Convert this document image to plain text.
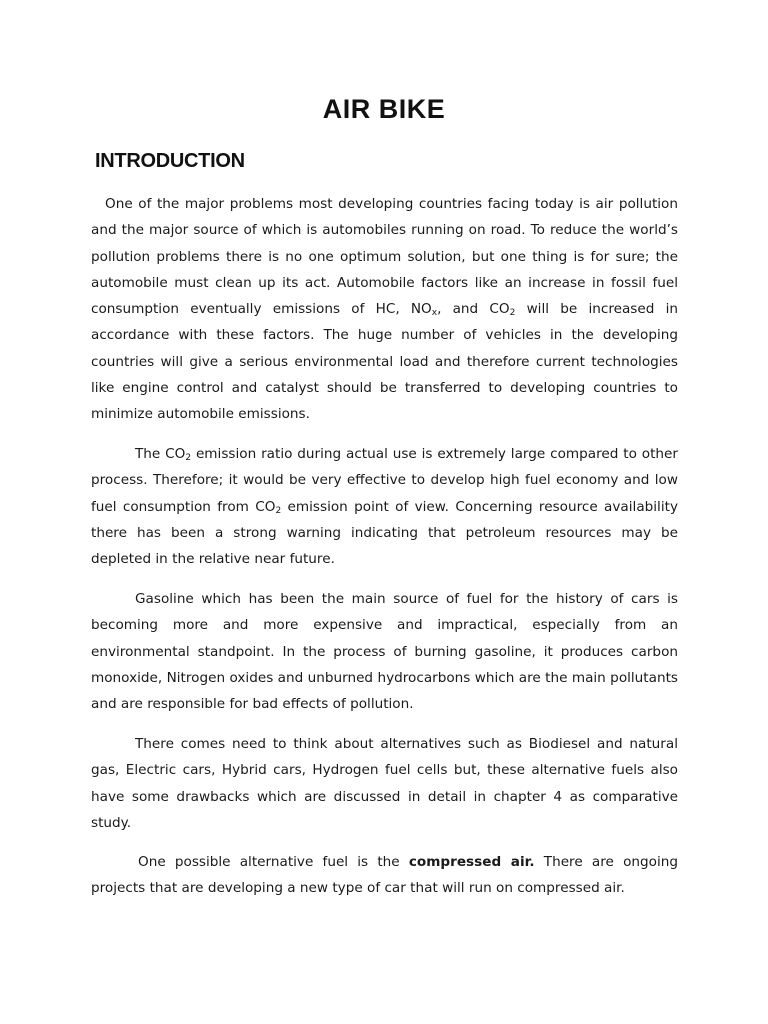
AIR BIKE
INTRODUCTION

One of the major problems most developing countries facing today is air pollution and the major source of which is automobiles running on road. To reduce the world’s pollution problems there is no one optimum solution, but one thing is for sure; the automobile must clean up its act. Automobile factors like an increase in fossil fuel consumption eventually emissions of HC, $NO_x$, and $CO_2$ will be increased in accordance with these factors. The huge number of vehicles in the developing countries will give a serious environmental load and therefore current technologies like engine control and catalyst should be transferred to developing countries to minimize automobile emissions.

The $CO_2$ emission ratio during actual use is extremely large compared to other process. Therefore; it would be very effective to develop high fuel economy and low fuel consumption from $CO_2$ emission point of view. Concerning resource availability there has been a strong warning indicating that petroleum resources may be depleted in the relative near future.

Gasoline which has been the main source of fuel for the history of cars is becoming more and more expensive and impractical, especially from an environmental standpoint. In the process of burning gasoline, it produces carbon monoxide, Nitrogen oxides and unburned hydrocarbons which are the main pollutants and are responsible for bad effects of pollution.

There comes need to think about alternatives such as Biodiesel and natural gas, Electric cars, Hybrid cars, Hydrogen fuel cells but, these alternative fuels also have some drawbacks which are discussed in detail in chapter 4 as comparative study.

One possible alternative fuel is the compressed air. There are ongoing projects that are developing a new type of car that will run on compressed air.
